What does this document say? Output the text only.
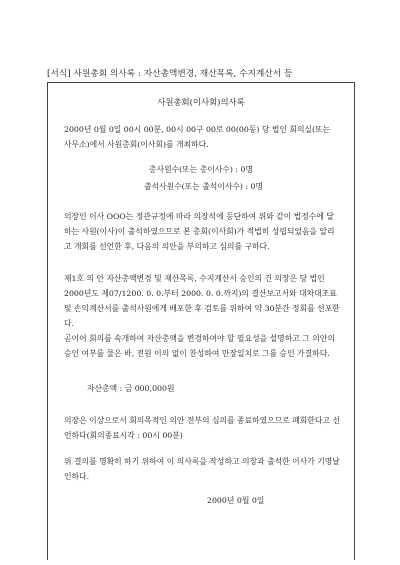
[서식] 사원총회 의사록 : 자산총액변경, 재산목록, 수지계산서 등
사원총회(이사회)의사록

2000년 0월 0일 00시 00분, 00시 00구 00로 00(00동) 당 법인 회의실(또는 사무소)에서 사원총회(이사회)를 개최하다.

총사원수(또는 총이사수) : 0명
출석사원수(또는 출석이사수) : 0명

의장인 이사 OOO는 정관규정에 따라 의장석에 등단하여 위와 같이 법정수에 달하는 사원(이사)이 출석하였으므로 본 총회(이사회)가 적법히 성립되었음을 알리고 개회를 선언한 후, 다음의 의안을 부의하고 심의를 구하다.

제1호 의 안 자산총액변경 및 재산목록, 수지계산서 승인의 건 의장은 당 법인 2000년도 제07/1200. 0. 0.부터 2000. 0. 0.까지)의 결산보고서와 대차대조표 및 손익계산서를 출석사원에게 배포한 후 검토를 위하여 약 30분간 정회를 선포한다.

곧이어 회의를 속개하여 자산총액을 변경하여야 할 필요성을 설명하고 그 의안의 승인 여부를 물은 바, 전원 이의 없이 찬성하여 만장일치로 그를 승인 가결하다.

자산총액 : 금 000,000원

의장은 이상으로서 회의목적인 의안 전부의 심의를 종료하였으므로 폐회한다고 선언하다(회의종료시각 : 00시 00분)

위 결의를 명확히 하기 위하여 이 의사록을 작성하고 의장과 출석한 이사가 기명날인하다.

2000년 0월 0일
